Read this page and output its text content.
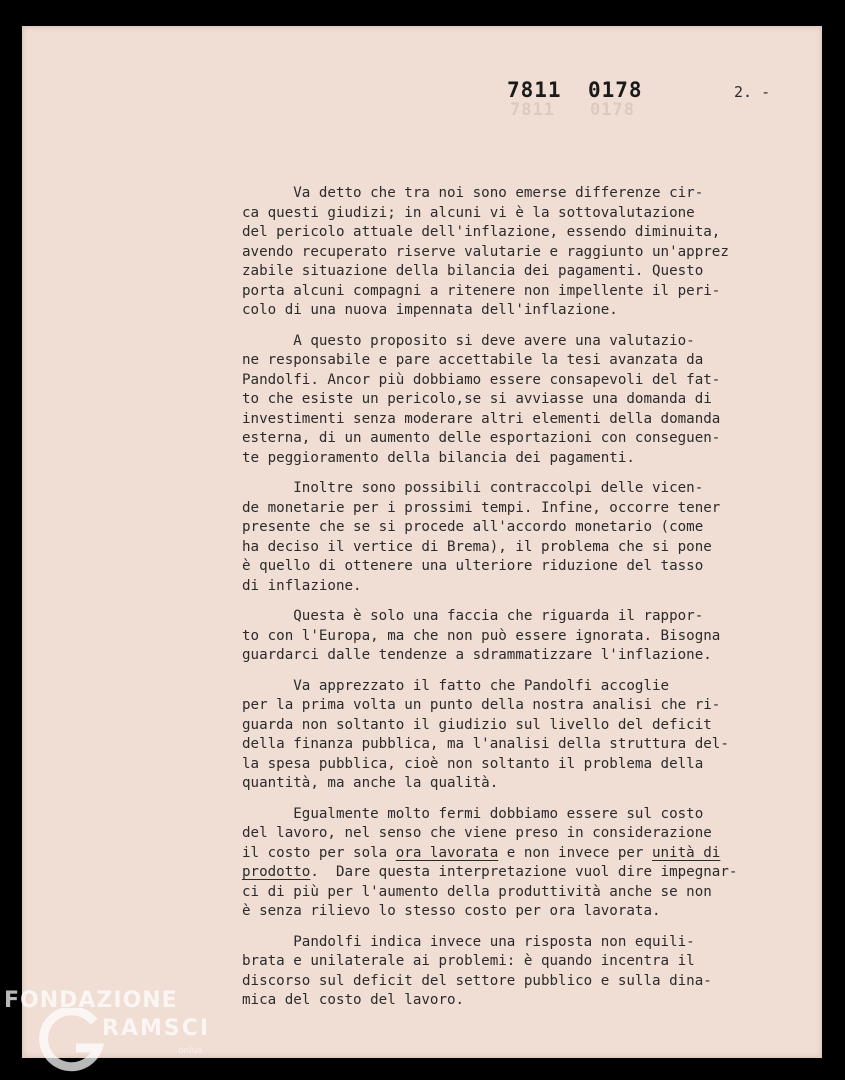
7811 0178
7811 0178
2. -
Va detto che tra noi sono emerse differenze cir-
ca questi giudizi; in alcuni vi è la sottovalutazione
del pericolo attuale dell'inflazione, essendo diminuita,
avendo recuperato riserve valutarie e raggiunto un'apprez
zabile situazione della bilancia dei pagamenti. Questo
porta alcuni compagni a ritenere non impellente il peri-
colo di una nuova impennata dell'inflazione.
A questo proposito si deve avere una valutazio-
ne responsabile e pare accettabile la tesi avanzata da
Pandolfi. Ancor più dobbiamo essere consapevoli del fat-
to che esiste un pericolo,se si avviasse una domanda di
investimenti senza moderare altri elementi della domanda
esterna, di un aumento delle esportazioni con conseguen-
te peggioramento della bilancia dei pagamenti.
Inoltre sono possibili contraccolpi delle vicen-
de monetarie per i prossimi tempi. Infine, occorre tener
presente che se si procede all'accordo monetario (come
ha deciso il vertice di Brema), il problema che si pone
è quello di ottenere una ulteriore riduzione del tasso
di inflazione.
Questa è solo una faccia che riguarda il rappor-
to con l'Europa, ma che non può essere ignorata. Bisogna
guardarci dalle tendenze a sdrammatizzare l'inflazione.
Va apprezzato il fatto che Pandolfi accoglie
per la prima volta un punto della nostra analisi che ri-
guarda non soltanto il giudizio sul livello del deficit
della finanza pubblica, ma l'analisi della struttura del-
la spesa pubblica, cioè non soltanto il problema della
quantità, ma anche la qualità.
Egualmente molto fermi dobbiamo essere sul costo
del lavoro, nel senso che viene preso in considerazione
il costo per sola ora lavorata e non invece per unità di
prodotto.  Dare questa interpretazione vuol dire impegnar-
ci di più per l'aumento della produttività anche se non
è senza rilievo lo stesso costo per ora lavorata.
Pandolfi indica invece una risposta non equili-
brata e unilaterale ai problemi: è quando incentra il
discorso sul deficit del settore pubblico e sulla dina-
mica del costo del lavoro.
FONDAZIONE
RAMSCI
onlus
